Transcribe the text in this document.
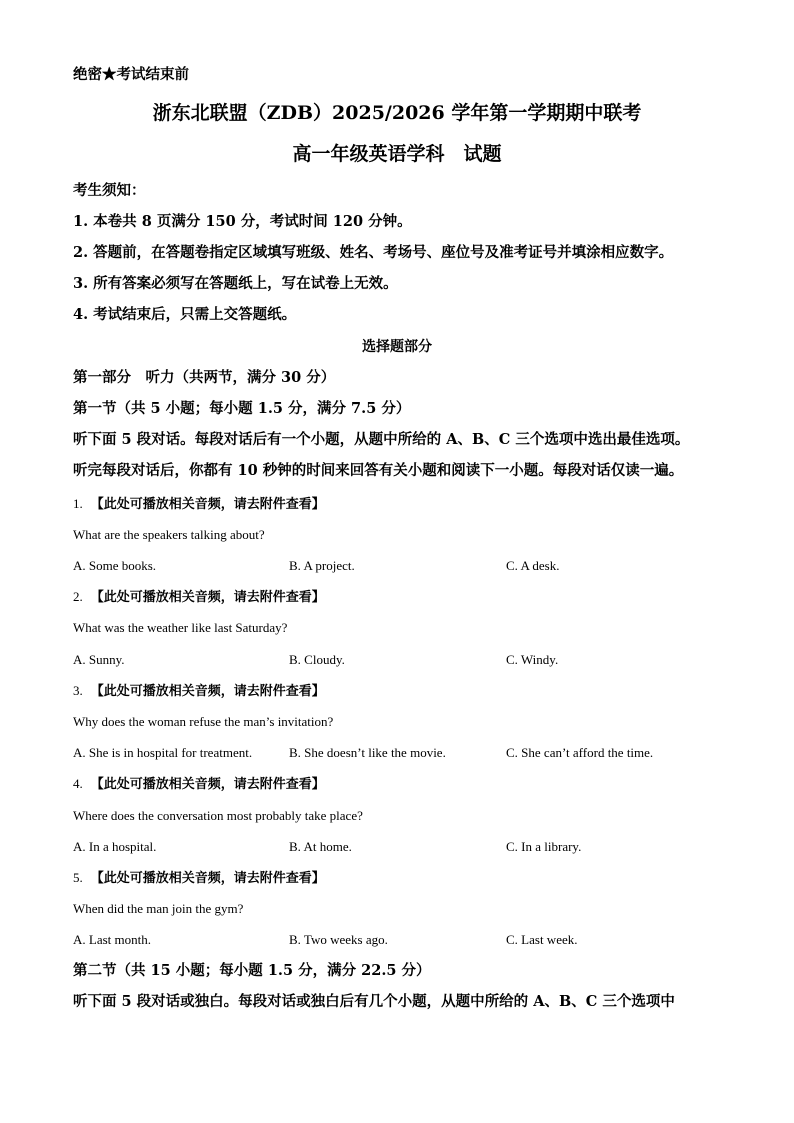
绝密★考试结束前
浙东北联盟（ZDB）2025/2026 学年第一学期期中联考
高一年级英语学科　试题
考生须知：
1. 本卷共 8 页满分 150 分，考试时间 120 分钟。
2. 答题前，在答题卷指定区域填写班级、姓名、考场号、座位号及准考证号并填涂相应数字。
3. 所有答案必须写在答题纸上，写在试卷上无效。
4. 考试结束后，只需上交答题纸。
选择题部分
第一部分　听力（共两节，满分 30 分）
第一节（共 5 小题；每小题 1.5 分，满分 7.5 分）
听下面 5 段对话。每段对话后有一个小题，从题中所给的 A、B、C 三个选项中选出最佳选项。
听完每段对话后，你都有 10 秒钟的时间来回答有关小题和阅读下一小题。每段对话仅读一遍。
1. 【此处可播放相关音频，请去附件查看】
What are the speakers talking about?
A. Some books.	B. A project.	C. A desk.
2. 【此处可播放相关音频，请去附件查看】
What was the weather like last Saturday?
A. Sunny.	B. Cloudy.	C. Windy.
3. 【此处可播放相关音频，请去附件查看】
Why does the woman refuse the man’s invitation?
A. She is in hospital for treatment.	B. She doesn’t like the movie.	C. She can’t afford the time.
4. 【此处可播放相关音频，请去附件查看】
Where does the conversation most probably take place?
A. In a hospital.	B. At home.	C. In a library.
5. 【此处可播放相关音频，请去附件查看】
When did the man join the gym?
A. Last month.	B. Two weeks ago.	C. Last week.
第二节（共 15 小题；每小题 1.5 分，满分 22.5 分）
听下面 5 段对话或独白。每段对话或独白后有几个小题，从题中所给的 A、B、C 三个选项中
